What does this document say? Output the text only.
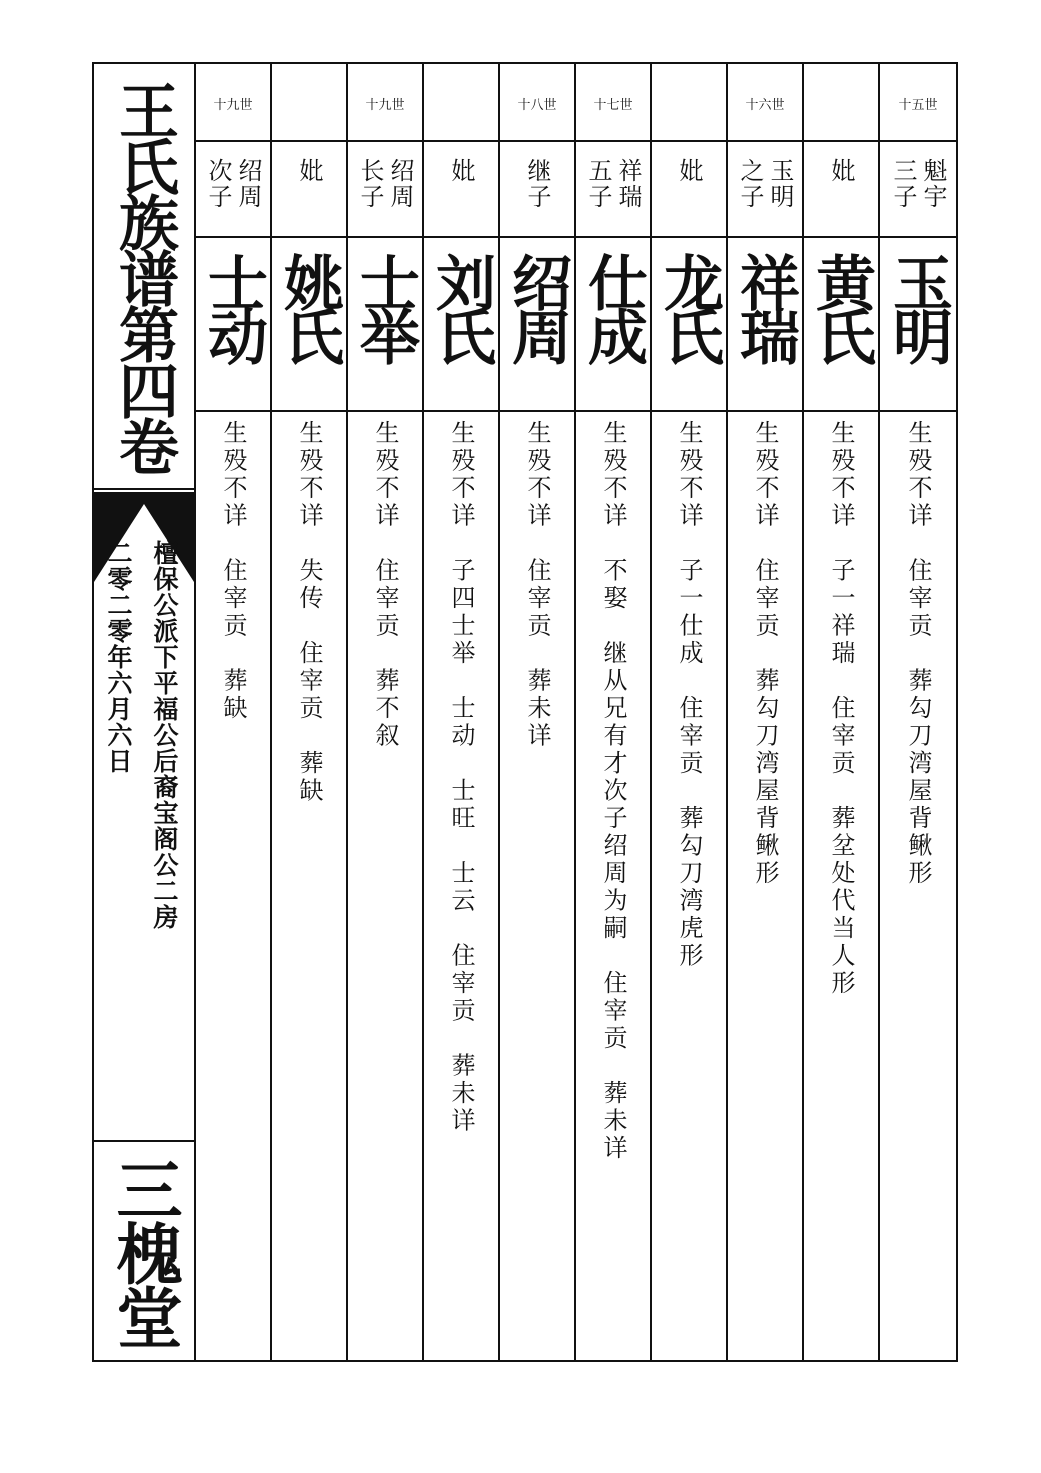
王氏族谱第四卷
檀保公派下平福公后裔宝阁公二房
二零二零年六月六日
三槐堂
十九世
绍周次子
士动
生殁不详　住宰贡　葬缺
妣
姚氏
生殁不详　失传　住宰贡　葬缺
十九世
绍周长子
士举
生殁不详　住宰贡　葬不叙
妣
刘氏
生殁不详　子四士举　士动　士旺　士云　住宰贡　葬未详
十八世
继子
绍周
生殁不详　住宰贡　葬未详
十七世
祥瑞五子
仕成
生殁不详　不娶　继从兄有才次子绍周为嗣　住宰贡　葬未详
妣
龙氏
生殁不详　子一仕成　住宰贡　葬勾刀湾虎形
十六世
玉明之子
祥瑞
生殁不详　住宰贡　葬勾刀湾屋背鳅形
妣
黄氏
生殁不详　子一祥瑞　住宰贡　葬坌处代当人形
十五世
魁宇三子
玉明
生殁不详　住宰贡　葬勾刀湾屋背鳅形
